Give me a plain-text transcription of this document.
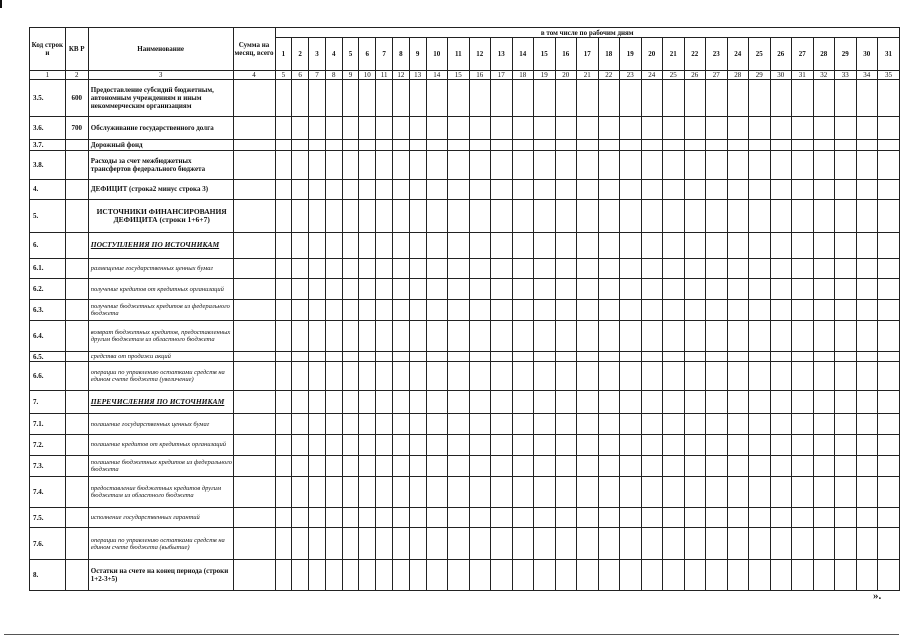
Код строк и	КВ Р	Наименование	Сумма на месяц, всего	в том числе по рабочим дням																														
				1	2	3	4	5	6	7	8	9	10	11	12	13	14	15	16	17	18	19	20	21	22	23	24	25	26	27	28	29	30	31
1	2	3	4	5	6	7	8	9	10	11	12	13	14	15	16	17	18	19	20	21	22	23	24	25	26	27	28	29	30	31	32	33	34	35
3.5.	600	Предоставление субсидий бюджетным, автономным учреждениям и иным некоммерческим организациям																																
3.6.	700	Обслуживание государственного долга																																
3.7.		Дорожный фонд																																
3.8.		Расходы за счет межбюджетных трансфертов федерального бюджета																																
4.		ДЕФИЦИТ (строка2 минус строка 3)																																
5.		ИСТОЧНИКИ ФИНАНСИРОВАНИЯ ДЕФИЦИТА (строки 1+6+7)																																
6.		ПОСТУПЛЕНИЯ ПО ИСТОЧНИКАМ																																
6.1.		размещение государственных ценных бумаг																																
6.2.		получение кредитов от кредитных организаций																																
6.3.		получение бюджетных кредитов из федерального бюджета																																
6.4.		возврат бюджетных кредитов, предоставленных другим бюджетам из областного бюджета																																
6.5.		средства от продажи акций																																
6.6.		операции по управлению остатками средств на едином счете бюджета (увеличение)																																
7.		ПЕРЕЧИСЛЕНИЯ ПО ИСТОЧНИКАМ																																
7.1.		погашение государственных ценных бумаг																																
7.2.		погашение кредитов от кредитных организаций																																
7.3.		погашение бюджетных кредитов из федерального бюджета																																
7.4.		предоставление бюджетных кредитов другим бюджетам из областного бюджета																																
7.5.		исполнение государственных гарантий																																
7.6.		операции по управлению остатками средств на едином счете бюджета (выбытие)																																
8.		Остатки на счете на конец периода (строки 1+2-3+5)																																
».
